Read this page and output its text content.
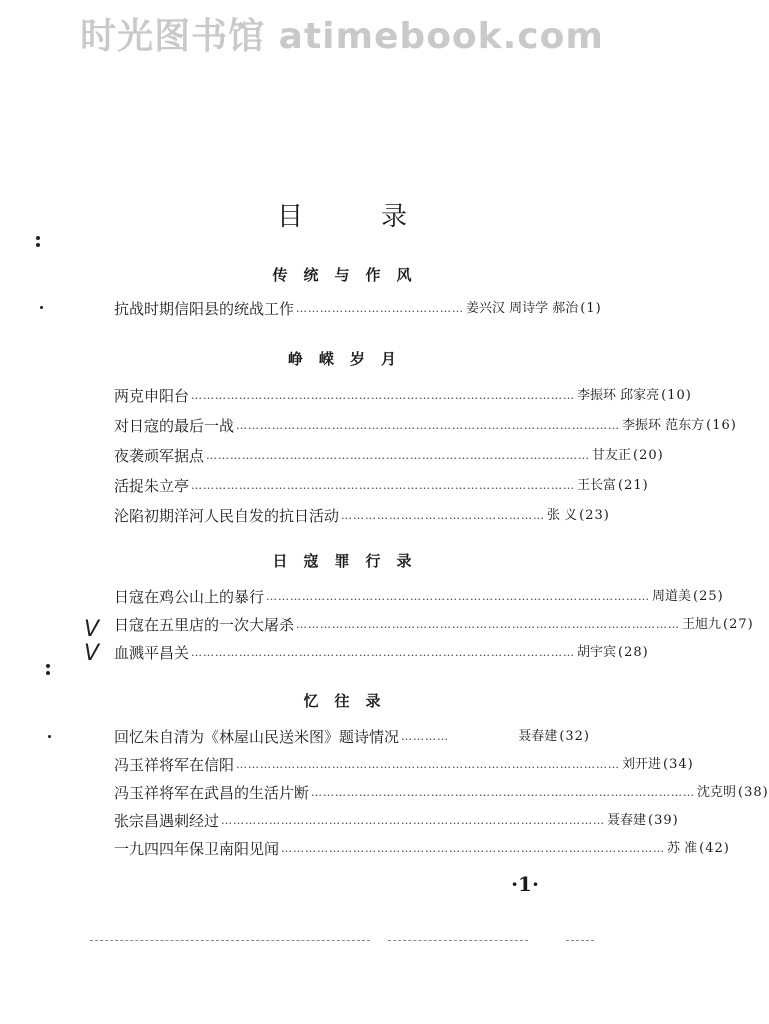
时光图书馆 atimebook.com
目录
传统与作风
抗战时期信阳县的统战工作 …………………………………… 姜兴汉 周诗学 郝治 (1)
峥嵘岁月
两克申阳台 …………………………………………………………………………………… 李振环 邱家亮 (10)
对日寇的最后一战 …………………………………………………………………………………… 李振环 范东方 (16)
夜袭顽军据点 …………………………………………………………………………………… 甘友正 (20)
活捉朱立亭 …………………………………………………………………………………… 王长富 (21)
沦陷初期洋河人民自发的抗日活动 …………………………………………… 张 义 (23)
日寇罪行录
日寇在鸡公山上的暴行 …………………………………………………………………………………… 周道美 (25)
日寇在五里店的一次大屠杀 …………………………………………………………………………………… 王旭九 (27)
血溅平昌关 …………………………………………………………………………………… 胡宇宾 (28)
忆往录
回忆朱自清为《林屋山民送米图》题诗情况 …………	聂春建 (32)
冯玉祥将军在信阳 …………………………………………………………………………………… 刘开进 (34)
冯玉祥将军在武昌的生活片断 …………………………………………………………………………………… 沈克明 (38)
张宗昌遇刺经过 …………………………………………………………………………………… 聂春建 (39)
一九四四年保卫南阳见闻 …………………………………………………………………………………… 苏 准 (42)
·1·
V
V
